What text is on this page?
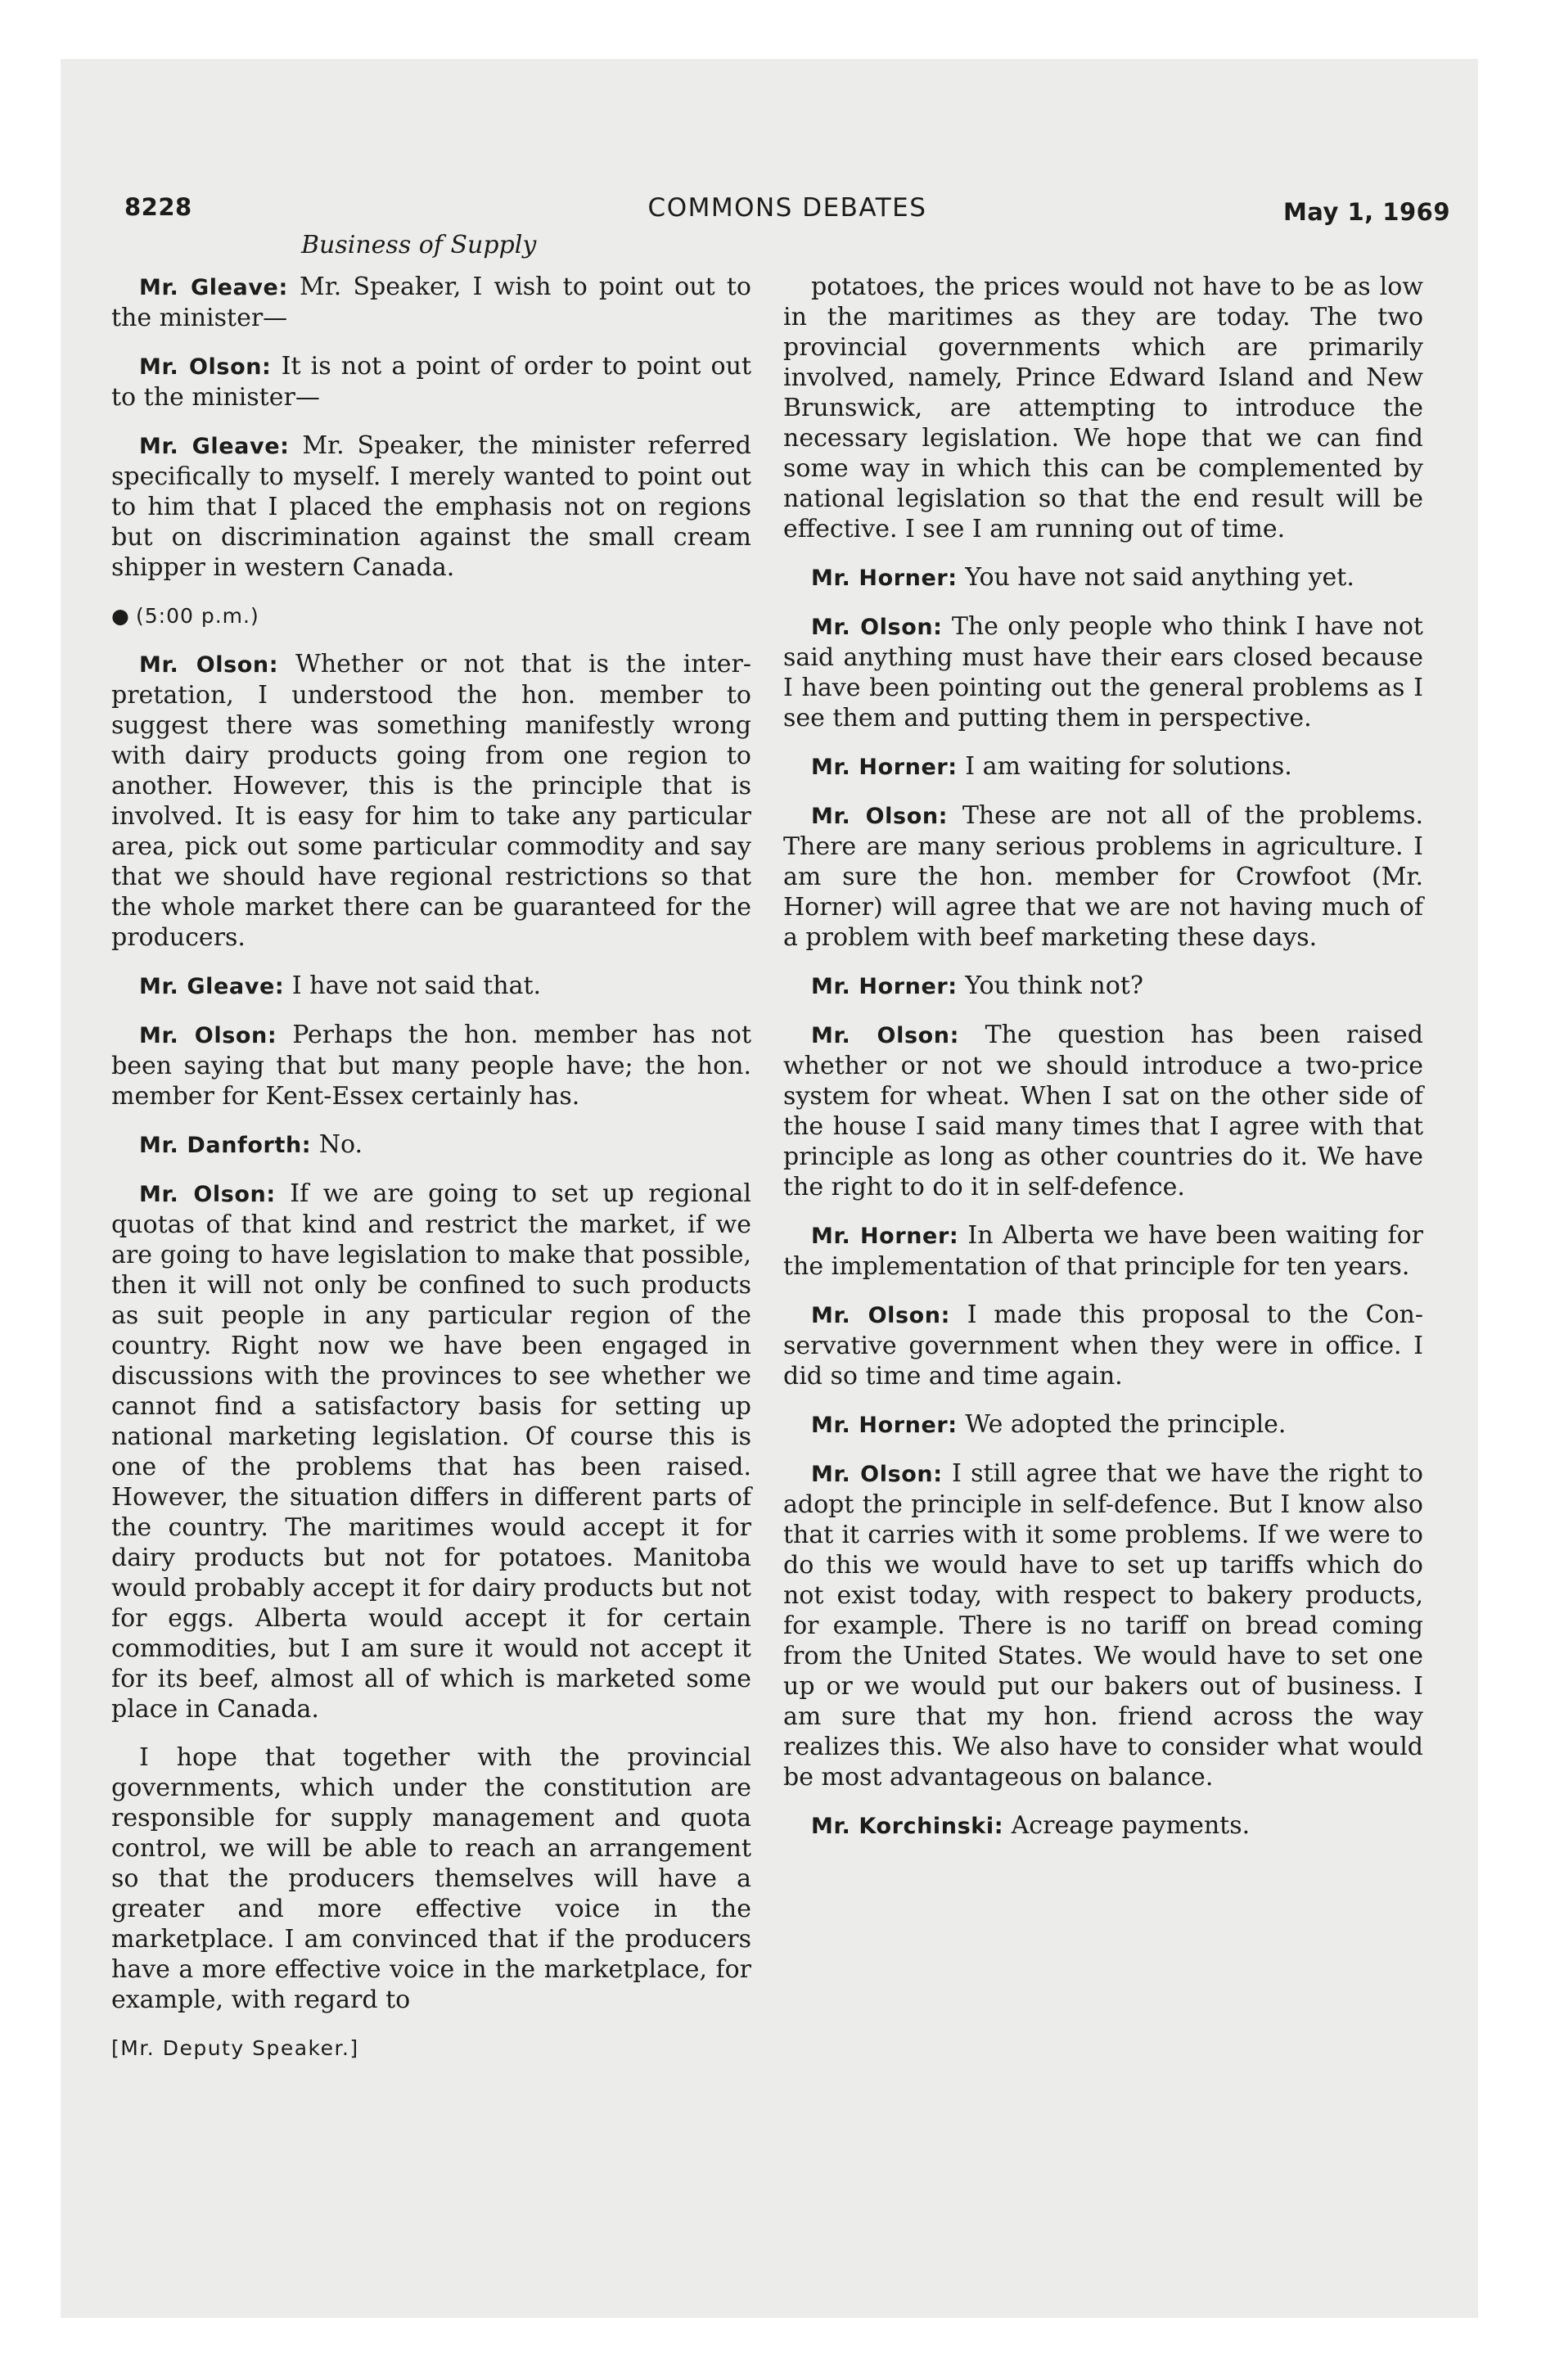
8228	COMMONS DEBATES	May 1, 1969
Business of Supply

Mr. Gleave: Mr. Speaker, I wish to point out to the minister—

Mr. Olson: It is not a point of order to point out to the minister—

Mr. Gleave: Mr. Speaker, the minister referred specifically to myself. I merely wanted to point out to him that I placed the emphasis not on regions but on discrimination against the small cream shipper in western Canada.

● (5:00 p.m.)

Mr. Olson: Whether or not that is the interpretation, I understood the hon. member to suggest there was something manifestly wrong with dairy products going from one region to another. However, this is the principle that is involved. It is easy for him to take any particular area, pick out some particular commodity and say that we should have regional restrictions so that the whole market there can be guaranteed for the producers.

Mr. Gleave: I have not said that.

Mr. Olson: Perhaps the hon. member has not been saying that but many people have; the hon. member for Kent-Essex certainly has.

Mr. Danforth: No.

Mr. Olson: If we are going to set up regional quotas of that kind and restrict the market, if we are going to have legislation to make that possible, then it will not only be confined to such products as suit people in any particular region of the country. Right now we have been engaged in discussions with the provinces to see whether we cannot find a satisfactory basis for setting up national marketing legislation. Of course this is one of the problems that has been raised. However, the situation differs in different parts of the country. The maritimes would accept it for dairy products but not for potatoes. Manitoba would probably accept it for dairy products but not for eggs. Alberta would accept it for certain commodities, but I am sure it would not accept it for its beef, almost all of which is marketed some place in Canada.

I hope that together with the provincial governments, which under the constitution are responsible for supply management and quota control, we will be able to reach an arrangement so that the producers themselves will have a greater and more effective voice in the marketplace. I am convinced that if the producers have a more effective voice in the marketplace, for example, with regard to

[Mr. Deputy Speaker.]

potatoes, the prices would not have to be as low in the maritimes as they are today. The two provincial governments which are primarily involved, namely, Prince Edward Island and New Brunswick, are attempting to introduce the necessary legislation. We hope that we can find some way in which this can be complemented by national legislation so that the end result will be effective. I see I am running out of time.

Mr. Horner: You have not said anything yet.

Mr. Olson: The only people who think I have not said anything must have their ears closed because I have been pointing out the general problems as I see them and putting them in perspective.

Mr. Horner: I am waiting for solutions.

Mr. Olson: These are not all of the problems. There are many serious problems in agriculture. I am sure the hon. member for Crowfoot (Mr. Horner) will agree that we are not having much of a problem with beef marketing these days.

Mr. Horner: You think not?

Mr. Olson: The question has been raised whether or not we should introduce a two-price system for wheat. When I sat on the other side of the house I said many times that I agree with that principle as long as other countries do it. We have the right to do it in self-defence.

Mr. Horner: In Alberta we have been waiting for the implementation of that principle for ten years.

Mr. Olson: I made this proposal to the Conservative government when they were in office. I did so time and time again.

Mr. Horner: We adopted the principle.

Mr. Olson: I still agree that we have the right to adopt the principle in self-defence. But I know also that it carries with it some problems. If we were to do this we would have to set up tariffs which do not exist today, with respect to bakery products, for example. There is no tariff on bread coming from the United States. We would have to set one up or we would put our bakers out of business. I am sure that my hon. friend across the way realizes this. We also have to consider what would be most advantageous on balance.

Mr. Korchinski: Acreage payments.
